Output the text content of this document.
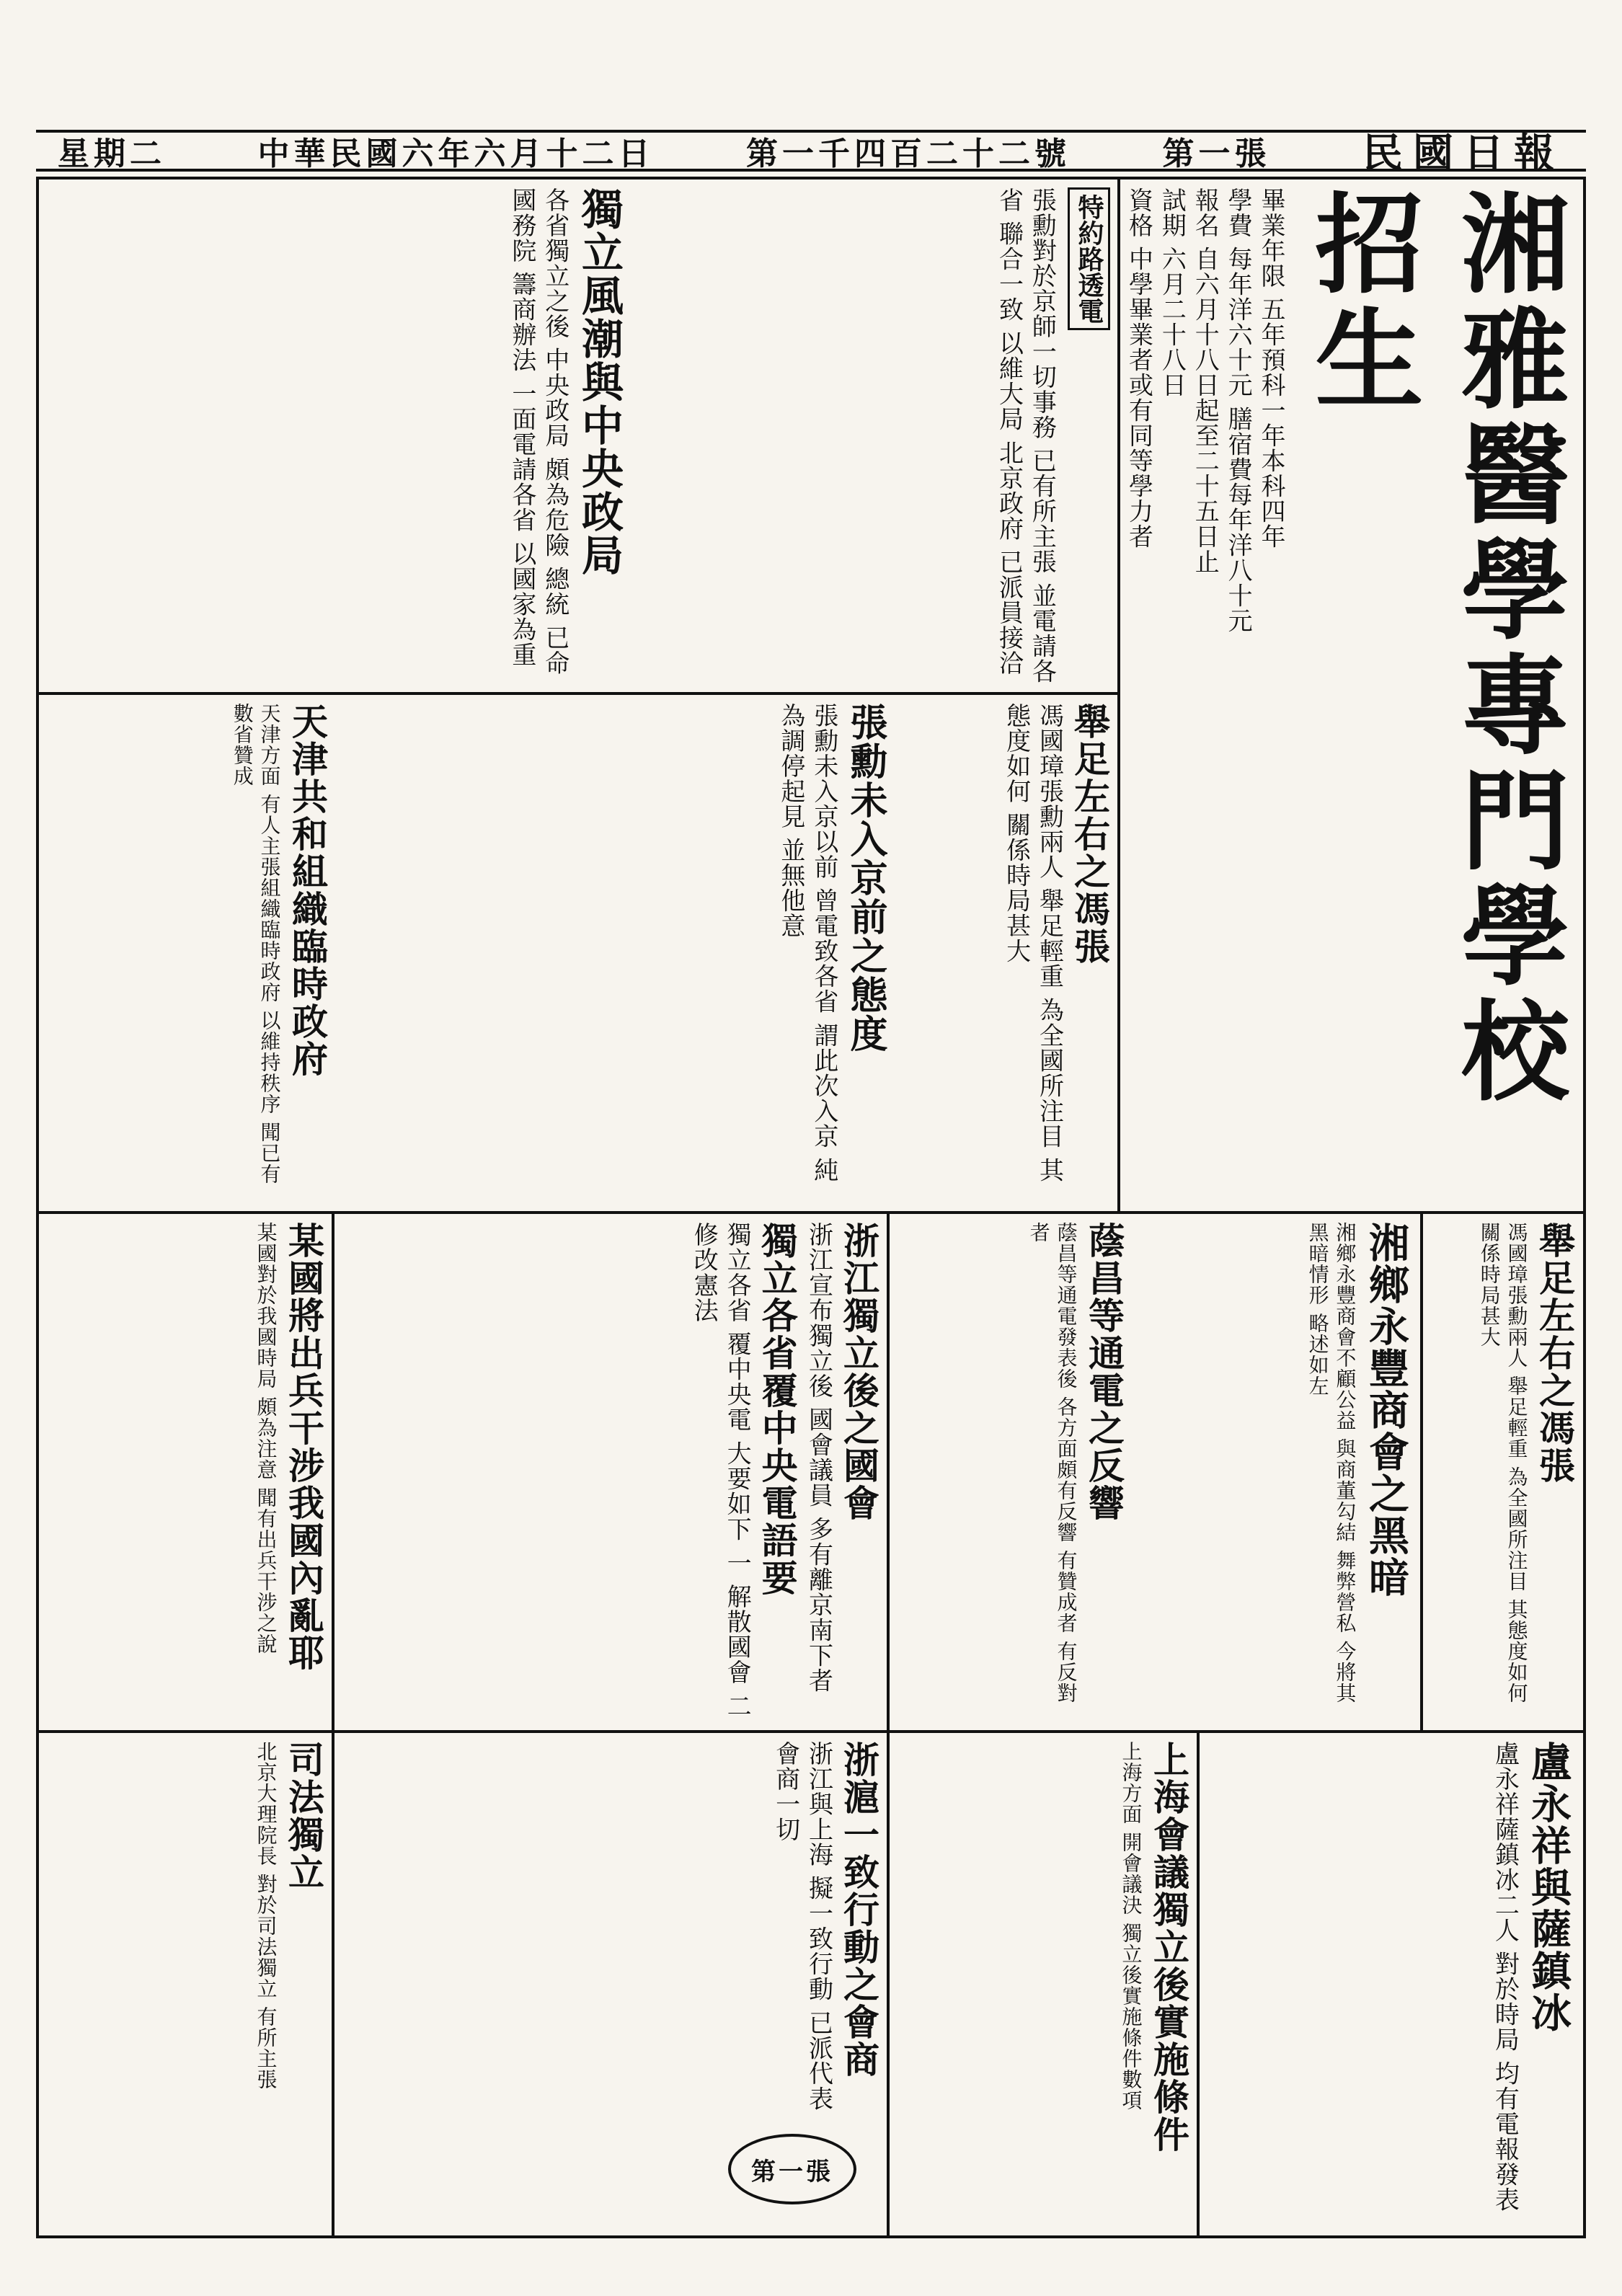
民國日報
第一張
第一千四百二十二號
中華民國六年六月十二日
星期二
湘雅醫學專門學校招生
畢業年限 五年預科一年本科四年
學費 每年洋六十元 膳宿費每年洋八十元
報名 自六月十八日起至二十五日止
試期 六月二十八日
資格 中學畢業者或有同等學力者
特約路透電
張勳對於京師一切事務 已有所主張 並電請各省 聯合一致 以維大局 北京政府 已派員接洽
獨立風潮與中央政局
各省獨立之後 中央政局 頗為危險 總統 已命國務院 籌商辦法 一面電請各省 以國家為重
湘鄉永豐商會之黑暗
湘鄉永豐商會不顧公益 與商董勾結 舞弊營私 今將其黑暗情形 略述如左	舉足左右之馮張
馮國璋張勳兩人 舉足輕重 為全國所注目 其態度如何 關係時局甚大
舉足左右之馮張
馮國璋張勳兩人 舉足輕重 為全國所注目 其態度如何 關係時局甚大
張勳未入京前之態度
張勳未入京以前 曾電致各省 謂此次入京 純為調停起見 並無他意
天津共和組織臨時政府
天津方面 有人主張組織臨時政府 以維持秩序 聞已有數省贊成
蔭昌等通電之反響
蔭昌等通電發表後 各方面頗有反響 有贊成者 有反對者
浙江獨立後之國會
浙江宣布獨立後 國會議員 多有離京南下者
獨立各省覆中央電語要
獨立各省 覆中央電 大要如下 一 解散國會 二 修改憲法
某國將出兵干涉我國內亂耶
某國對於我國時局 頗為注意 聞有出兵干涉之說
盧永祥與薩鎮冰
盧永祥薩鎮冰二人 對於時局 均有電報發表
上海會議獨立後實施條件
上海方面 開會議決 獨立後實施條件數項
浙滬一致行動之會商
浙江與上海 擬一致行動 已派代表會商一切
司法獨立
北京大理院長 對於司法獨立 有所主張
第一張
